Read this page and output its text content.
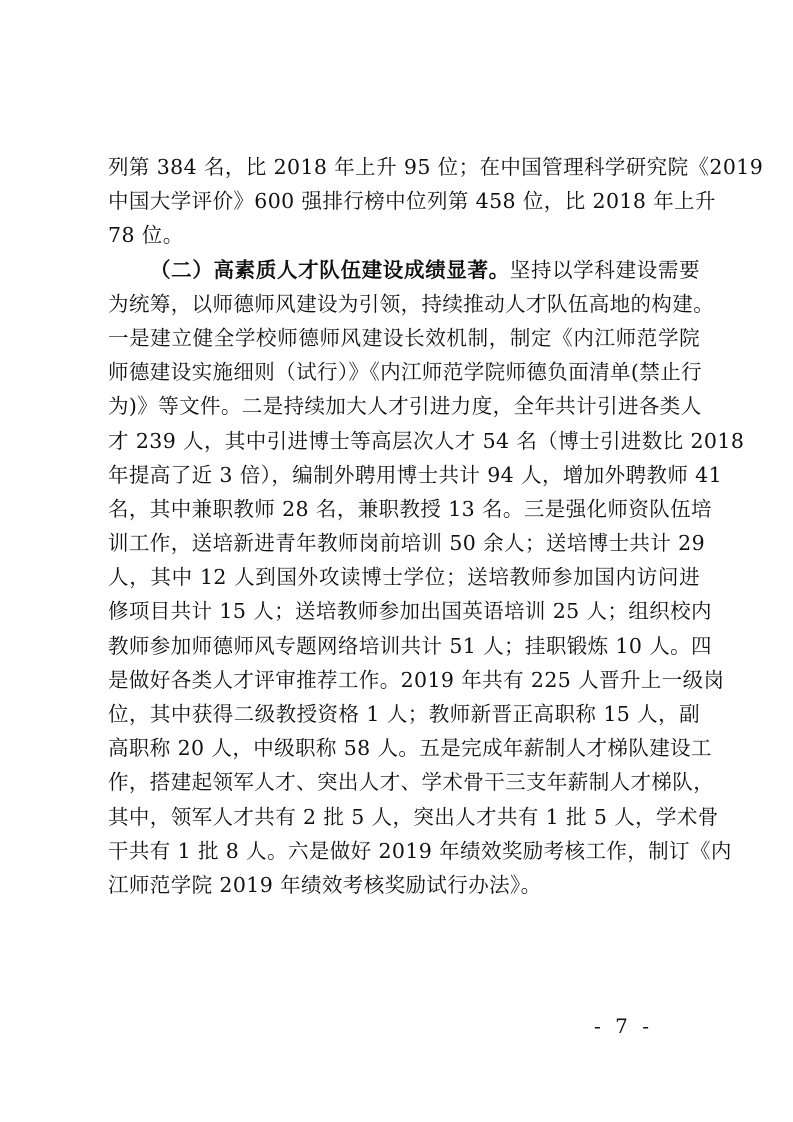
列第 384 名，比 2018 年上升 95 位；在中国管理科学研究院《2019
中国大学评价》600 强排行榜中位列第 458 位，比 2018 年上升
78 位。
（二）高素质人才队伍建设成绩显著。坚持以学科建设需要
为统筹，以师德师风建设为引领，持续推动人才队伍高地的构建。
一是建立健全学校师德师风建设长效机制，制定《内江师范学院
师德建设实施细则（试行）》《内江师范学院师德负面清单(禁止行
为)》等文件。二是持续加大人才引进力度，全年共计引进各类人
才 239 人，其中引进博士等高层次人才 54 名（博士引进数比 2018
年提高了近 3 倍），编制外聘用博士共计 94 人，增加外聘教师 41
名，其中兼职教师 28 名，兼职教授 13 名。三是强化师资队伍培
训工作，送培新进青年教师岗前培训 50 余人；送培博士共计 29
人，其中 12 人到国外攻读博士学位；送培教师参加国内访问进
修项目共计 15 人；送培教师参加出国英语培训 25 人；组织校内
教师参加师德师风专题网络培训共计 51 人；挂职锻炼 10 人。四
是做好各类人才评审推荐工作。2019 年共有 225 人晋升上一级岗
位，其中获得二级教授资格 1 人；教师新晋正高职称 15 人，副
高职称 20 人，中级职称 58 人。五是完成年薪制人才梯队建设工
作，搭建起领军人才、突出人才、学术骨干三支年薪制人才梯队，
其中，领军人才共有 2 批 5 人，突出人才共有 1 批 5 人，学术骨
干共有 1 批 8 人。六是做好 2019 年绩效奖励考核工作，制订《内
江师范学院 2019 年绩效考核奖励试行办法》。
- 7 -
